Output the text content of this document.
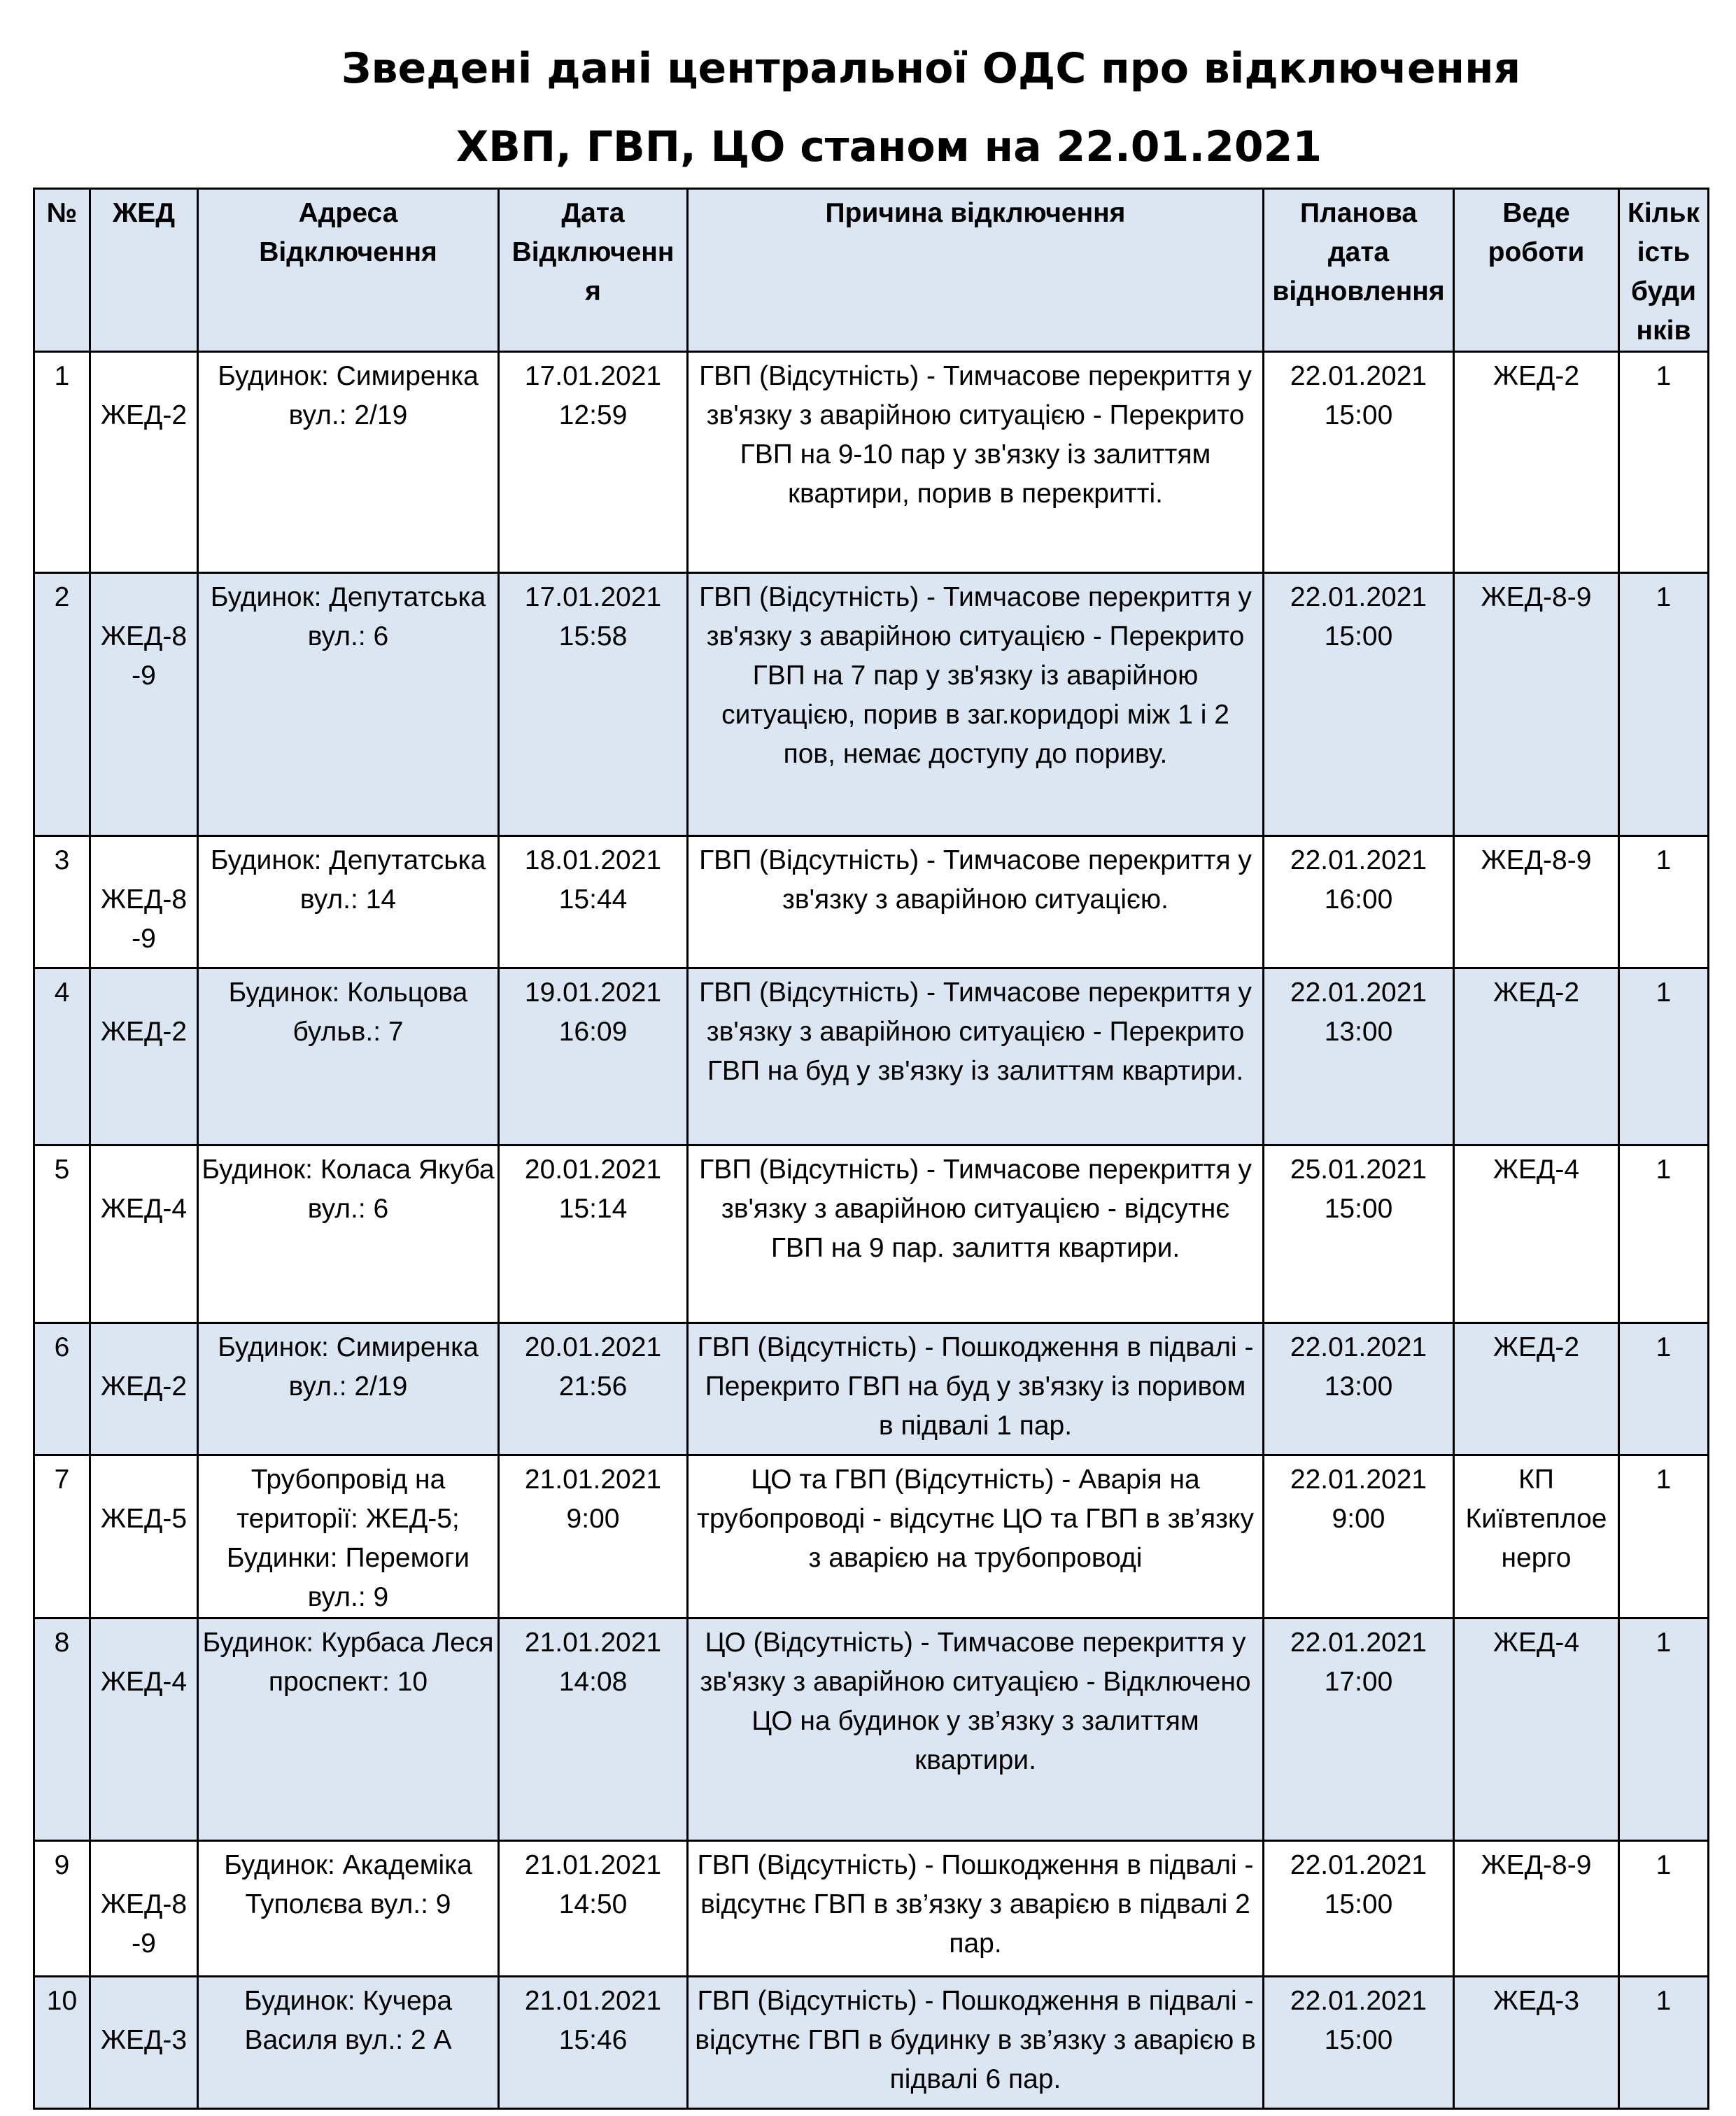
Зведені дані центральної ОДС про відключення
ХВП, ГВП, ЦО станом на 22.01.2021
№	ЖЕД	Адреса Відключення	Дата Відключення	Причина відключення	Планова дата відновлення	Веде роботи	Кількість будинків
1	ЖЕД-2	Будинок: Симиренка вул.: 2/19	17.01.2021 12:59	ГВП (Відсутність) - Тимчасове перекриття у зв'язку з аварійною ситуацією - Перекрито ГВП на 9-10 пар у зв'язку із залиттям квартири, порив в перекритті.	22.01.2021 15:00	ЖЕД-2	1
2	ЖЕД-8-9	Будинок: Депутатська вул.: 6	17.01.2021 15:58	ГВП (Відсутність) - Тимчасове перекриття у зв'язку з аварійною ситуацією - Перекрито ГВП на 7 пар у зв'язку із аварійною ситуацією, порив в заг.коридорі між 1 і 2 пов, немає доступу до пориву.	22.01.2021 15:00	ЖЕД-8-9	1
3	ЖЕД-8-9	Будинок: Депутатська вул.: 14	18.01.2021 15:44	ГВП (Відсутність) - Тимчасове перекриття у зв'язку з аварійною ситуацією.	22.01.2021 16:00	ЖЕД-8-9	1
4	ЖЕД-2	Будинок: Кольцова бульв.: 7	19.01.2021 16:09	ГВП (Відсутність) - Тимчасове перекриття у зв'язку з аварійною ситуацією - Перекрито ГВП на буд у зв'язку із залиттям квартири.	22.01.2021 13:00	ЖЕД-2	1
5	ЖЕД-4	Будинок: Коласа Якуба вул.: 6	20.01.2021 15:14	ГВП (Відсутність) - Тимчасове перекриття у зв'язку з аварійною ситуацією - відсутнє ГВП на 9 пар. залиття квартири.	25.01.2021 15:00	ЖЕД-4	1
6	ЖЕД-2	Будинок: Симиренка вул.: 2/19	20.01.2021 21:56	ГВП (Відсутність) - Пошкодження в підвалі - Перекрито ГВП на буд у зв'язку із поривом в підвалі 1 пар.	22.01.2021 13:00	ЖЕД-2	1
7	ЖЕД-5	Трубопровід на території: ЖЕД-5; Будинки: Перемоги вул.: 9	21.01.2021 9:00	ЦО та ГВП (Відсутність) - Аварія на трубопроводі - відсутнє ЦО та ГВП в зв’язку з аварією на трубопроводі	22.01.2021 9:00	КП Київтеплоенерго	1
8	ЖЕД-4	Будинок: Курбаса Леся проспект: 10	21.01.2021 14:08	ЦО (Відсутність) - Тимчасове перекриття у зв'язку з аварійною ситуацією - Відключено ЦО на будинок у зв’язку з залиттям квартири.	22.01.2021 17:00	ЖЕД-4	1
9	ЖЕД-8-9	Будинок: Академіка Туполєва вул.: 9	21.01.2021 14:50	ГВП (Відсутність) - Пошкодження в підвалі - відсутнє ГВП в зв’язку з аварією в підвалі 2 пар.	22.01.2021 15:00	ЖЕД-8-9	1
10	ЖЕД-3	Будинок: Кучера Василя вул.: 2 А	21.01.2021 15:46	ГВП (Відсутність) - Пошкодження в підвалі - відсутнє ГВП в будинку в зв’язку з аварією в підвалі 6 пар.	22.01.2021 15:00	ЖЕД-3	1
